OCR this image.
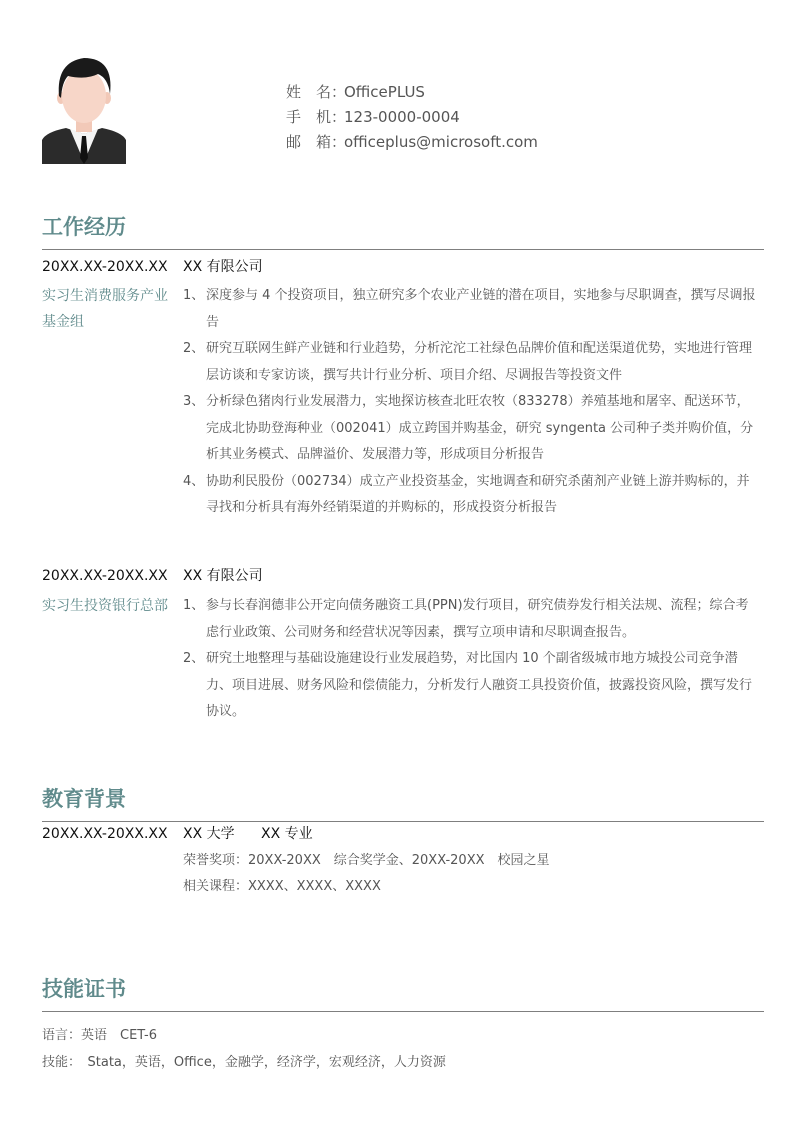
姓　名：OfficePLUS
手　机：123-0000-0004
邮　箱：officeplus@microsoft.com
工作经历
20XX.XX-20XX.XX XX 有限公司
实习生消费服务产业基金组
1、 深度参与 4 个投资项目，独立研究多个农业产业链的潜在项目，实地参与尽职调查，撰写尽调报告
2、 研究互联网生鲜产业链和行业趋势，分析沱沱工社绿色品牌价值和配送渠道优势，实地进行管理层访谈和专家访谈，撰写共计行业分析、项目介绍、尽调报告等投资文件
3、 分析绿色猪肉行业发展潜力，实地探访核查北旺农牧（833278）养殖基地和屠宰、配送环节，完成北协助登海种业（002041）成立跨国并购基金，研究 syngenta 公司种子类并购价值，分析其业务模式、品牌溢价、发展潜力等，形成项目分析报告
4、 协助利民股份（002734）成立产业投资基金，实地调查和研究杀菌剂产业链上游并购标的，并寻找和分析具有海外经销渠道的并购标的，形成投资分析报告
20XX.XX-20XX.XX XX 有限公司
实习生投资银行总部	1、 参与长春润德非公开定向债务融资工具(PPN)发行项目，研究债券发行相关法规、流程；综合考虑行业政策、公司财务和经营状况等因素，撰写立项申请和尽职调查报告。
2、 研究土地整理与基础设施建设行业发展趋势，对比国内 10 个副省级城市地方城投公司竞争潜力、项目进展、财务风险和偿债能力，分析发行人融资工具投资价值，披露投资风险，撰写发行协议。
教育背景
20XX.XX-20XX.XX XX 大学 XX 专业
荣誉奖项：20XX-20XX　综合奖学金、20XX-20XX　校园之星
相关课程：XXXX、XXXX、XXXX
技能证书
语言：英语　CET-6
技能：　Stata，英语，Office，金融学，经济学，宏观经济，人力资源
